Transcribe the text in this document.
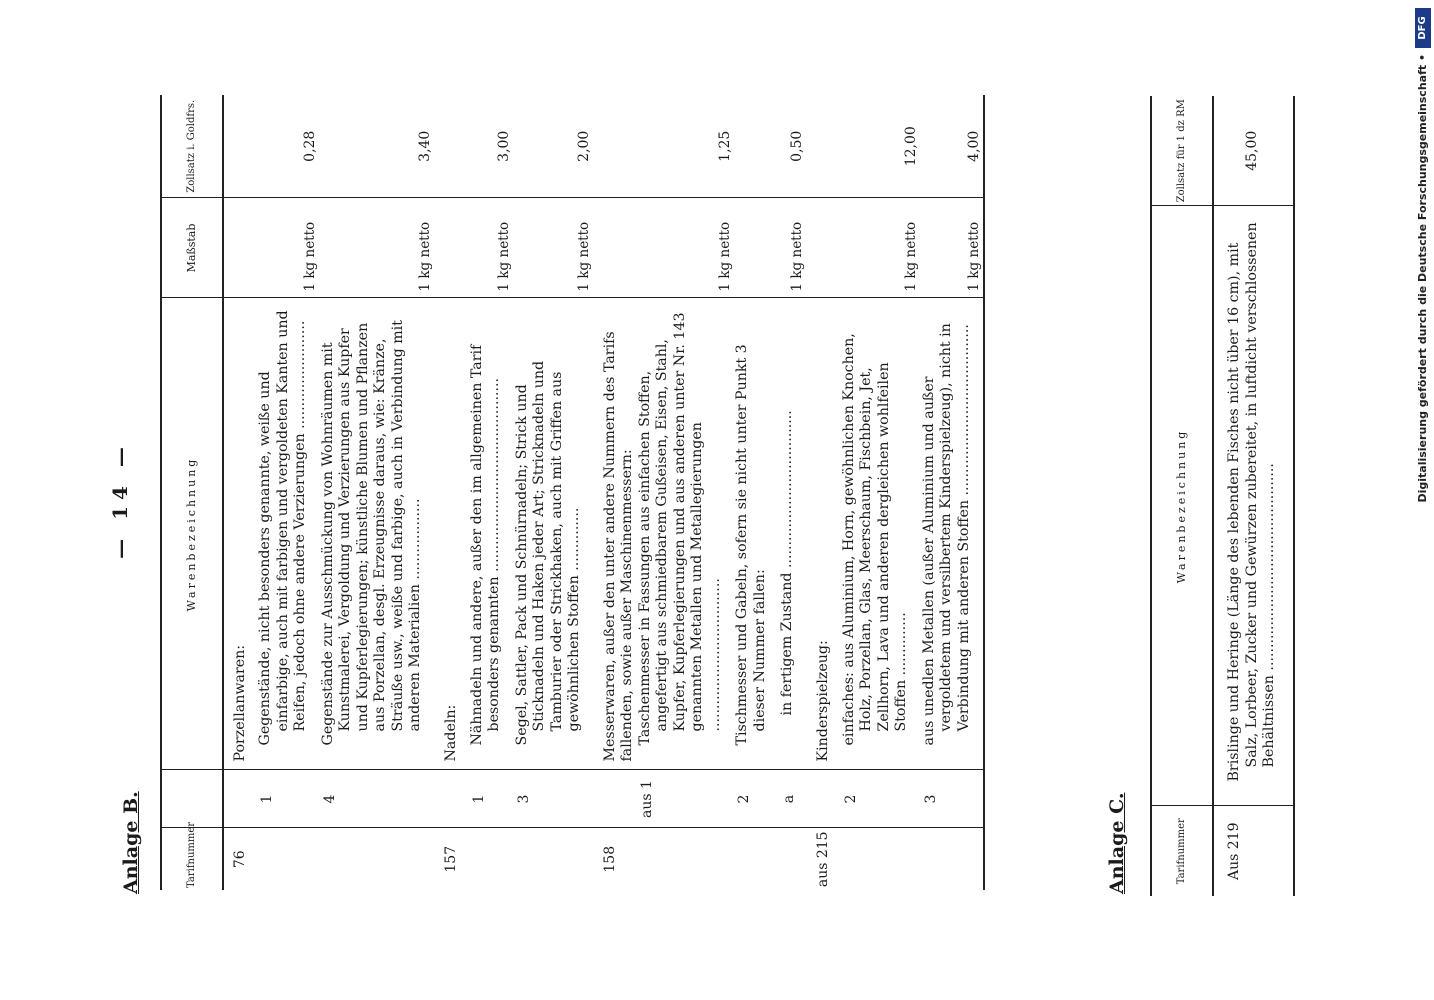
— 14 —
Anlage B.	Tarifnummer		Warenbezeichnung	Maßstab	Zollsatz i. Goldfrs.
76		Porzellanwaren:		

	1	Gegenstände, nicht besonders genannte, weiße und einfarbige, auch mit farbigen und vergoldeten Kanten und Reifen, jedoch ohne andere Verzierungen ........................	1 kg netto	0,28
	4	Gegenstände zur Ausschmückung von Wohnräumen mit Kunstmalerei, Vergoldung und Verzierungen aus Kupfer und Kupferlegierungen; künstliche Blumen und Pflanzen aus Porzellan, desgl. Erzeugnisse daraus, wie: Kränze, Sträuße usw., weiße und farbige, auch in Verbindung mit anderen Materialien ..................	1 kg netto	3,40
157		Nadeln:		

	1	Nähnadeln und andere, außer den im allgemeinen Tarif besonders genannten ...........................................	1 kg netto	3,00
	3	Segel, Sattler, Pack und Schnürnadeln; Strick und Sticknadeln und Haken jeder Art; Stricknadeln und Tamburier oder Strickhaken, auch mit Griffen aus gewöhnlichen Stoffen ..............	1 kg netto	2,00
158		Messerwaren, außer den unter andere Nummern des Tarifs fallenden, sowie außer Maschinenmessern:		

	aus 1	Taschenmesser in Fassungen aus einfachen Stoffen, angefertigt aus schmiedbarem Gußeisen, Eisen, Stahl, Kupfer, Kupferlegierungen und aus anderen unter Nr. 143 genannten Metallen und Metallegierungen ..................................	1 kg netto	1,25
	2	Tischmesser und Gabeln, sofern sie nicht unter Punkt 3 dieser Nummer fallen:		

	a	in fertigem Zustand ...................................	1 kg netto	0,50
aus 215		Kinderspielzeug:		

	2	einfaches: aus Aluminium, Horn, gewöhnlichen Knochen, Holz, Porzellan, Glas, Meerschaum, Fischbein, Jet, Zellhorn, Lava und anderen dergleichen wohlfeilen Stoffen ..............	1 kg netto	12,00
	3	aus unedlen Metallen (außer Aluminium und außer vergoldetem und versilbertem Kinderspielzeug), nicht in Verbindung mit anderen Stoffen ......................................	1 kg netto	4,00
Anlage C.	Tarifnummer	Warenbezeichnung	Zollsatz für 1 dz RM
Aus 219	Brislinge und Heringe (Länge des lebenden Fisches nicht über 16 cm), mit Salz, Lorbeer, Zucker und Gewürzen zubereitet, in luftdicht verschlossenen Behältnissen ..............................................	45,00	Digitalisierung gefördert durch die Deutsche Forschungsgemeinschaft •
DFG
